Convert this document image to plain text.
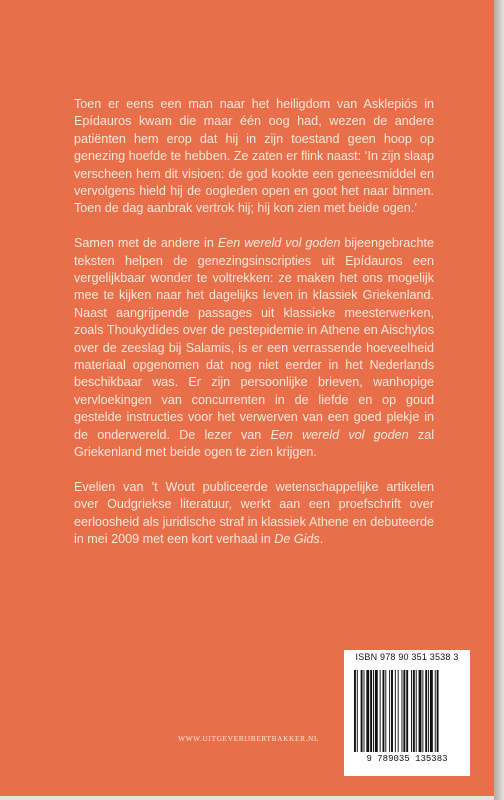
Toen er eens een man naar het heiligdom van Asklepiós in Epídauros kwam die maar één oog had, wezen de andere patiënten hem erop dat hij in zijn toestand geen hoop op genezing hoefde te hebben. Ze zaten er flink naast: ‘In zijn slaap verscheen hem dit visioen: de god kookte een geneesmiddel en vervolgens hield hij de oogleden open en goot het naar binnen. Toen de dag aanbrak vertrok hij; hij kon zien met beide ogen.’

Samen met de andere in Een wereld vol goden bijeengebrachte teksten helpen de genezingsinscripties uit Epídauros een vergelijkbaar wonder te voltrekken: ze maken het ons mogelijk mee te kijken naar het dagelijks leven in klassiek Griekenland. Naast aangrijpende passages uit klassieke meesterwerken, zoals Thoukydídes over de pestepidemie in Athene en Aischylos over de zeeslag bij Salamis, is er een verrassende hoeveelheid materiaal opgenomen dat nog niet eerder in het Nederlands beschikbaar was. Er zijn persoonlijke brieven, wanhopige vervloekingen van concurrenten in de liefde en op goud gestelde instructies voor het verwerven van een goed plekje in de onderwereld. De lezer van Een wereld vol goden zal Griekenland met beide ogen te zien krijgen.

Evelien van ’t Wout publiceerde wetenschappelijke artikelen over Oudgriekse literatuur, werkt aan een proefschrift over eerloosheid als juridische straf in klassiek Athene en debuteerde in mei 2009 met een kort verhaal in De Gids.

WWW.UITGEVERIJBERTBAKKER.NL
ISBN 978 90 351 3538 3
9 789035 135383
